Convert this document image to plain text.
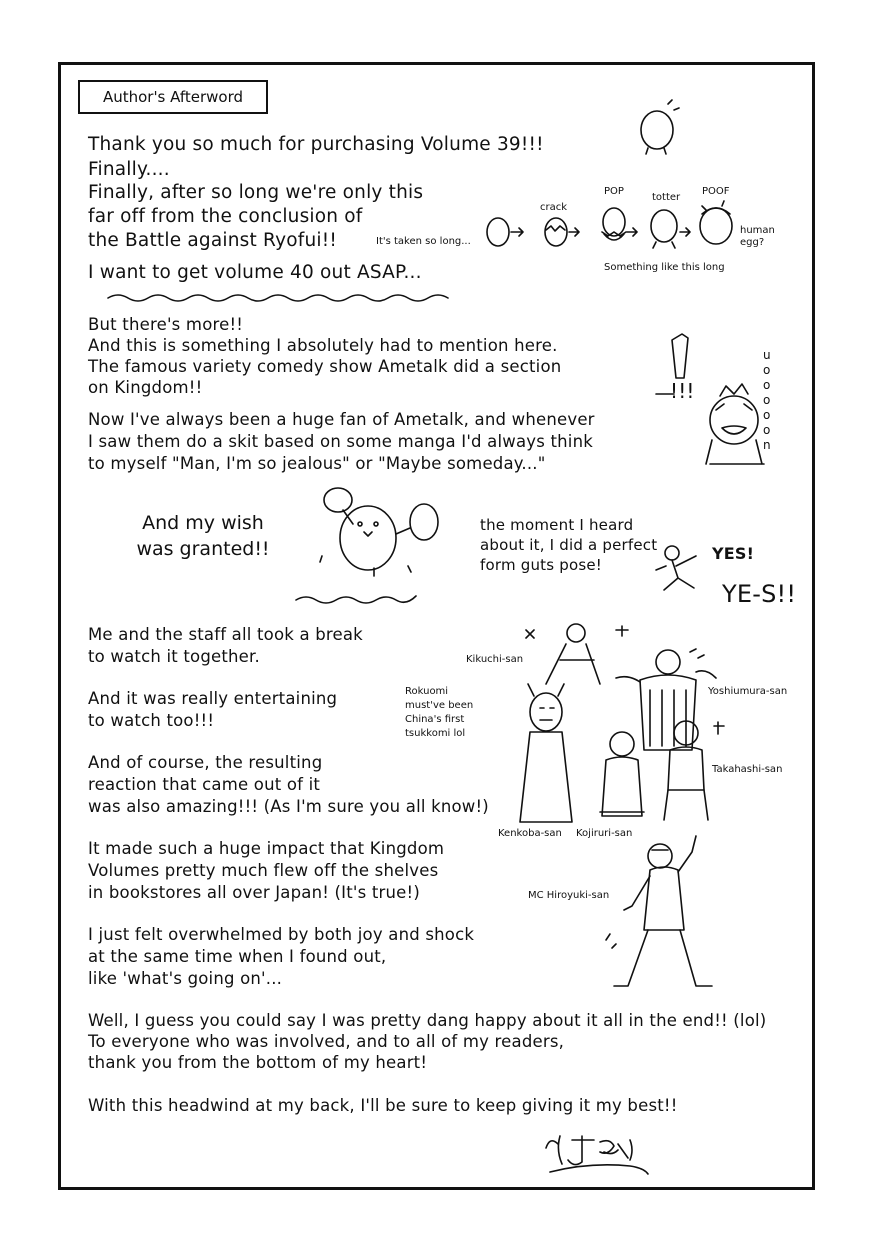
Author's Afterword
Thank you so much for purchasing Volume 39!!!
Finally....
Finally, after so long we're only this
far off from the conclusion of
the Battle against Ryofui!!
I want to get volume 40 out ASAP...
It's taken so long...
crack
POP
totter
POOF
human egg?
Something like this long
But there's more!!
And this is something I absolutely had to mention here.
The famous variety comedy show Ametalk did a section
on Kingdom!!
Now I've always been a huge fan of Ametalk, and whenever
I saw them do a skit based on some manga I'd always think
to myself "Man, I'm so jealous" or "Maybe someday..."
uooooon
!!!
And my wish
was granted!!
the moment I heard
about it, I did a perfect
form guts pose!
YES!
YE-S!!
Me and the staff all took a break
to watch it together.
And it was really entertaining
to watch too!!!
And of course, the resulting
reaction that came out of it
was also amazing!!! (As I'm sure you all know!)
It made such a huge impact that Kingdom
Volumes pretty much flew off the shelves
in bookstores all over Japan! (It's true!)
I just felt overwhelmed by both joy and shock
at the same time when I found out,
like 'what's going on'...
Kikuchi-san
Yoshiumura-san
Rokuomi
must've been
China's first
tsukkomi lol
Takahashi-san
Kenkoba-san Kojiruri-san
MC Hiroyuki-san
Well, I guess you could say I was pretty dang happy about it all in the end!! (lol)
To everyone who was involved, and to all of my readers,
thank you from the bottom of my heart!
With this headwind at my back, I'll be sure to keep giving it my best!!
